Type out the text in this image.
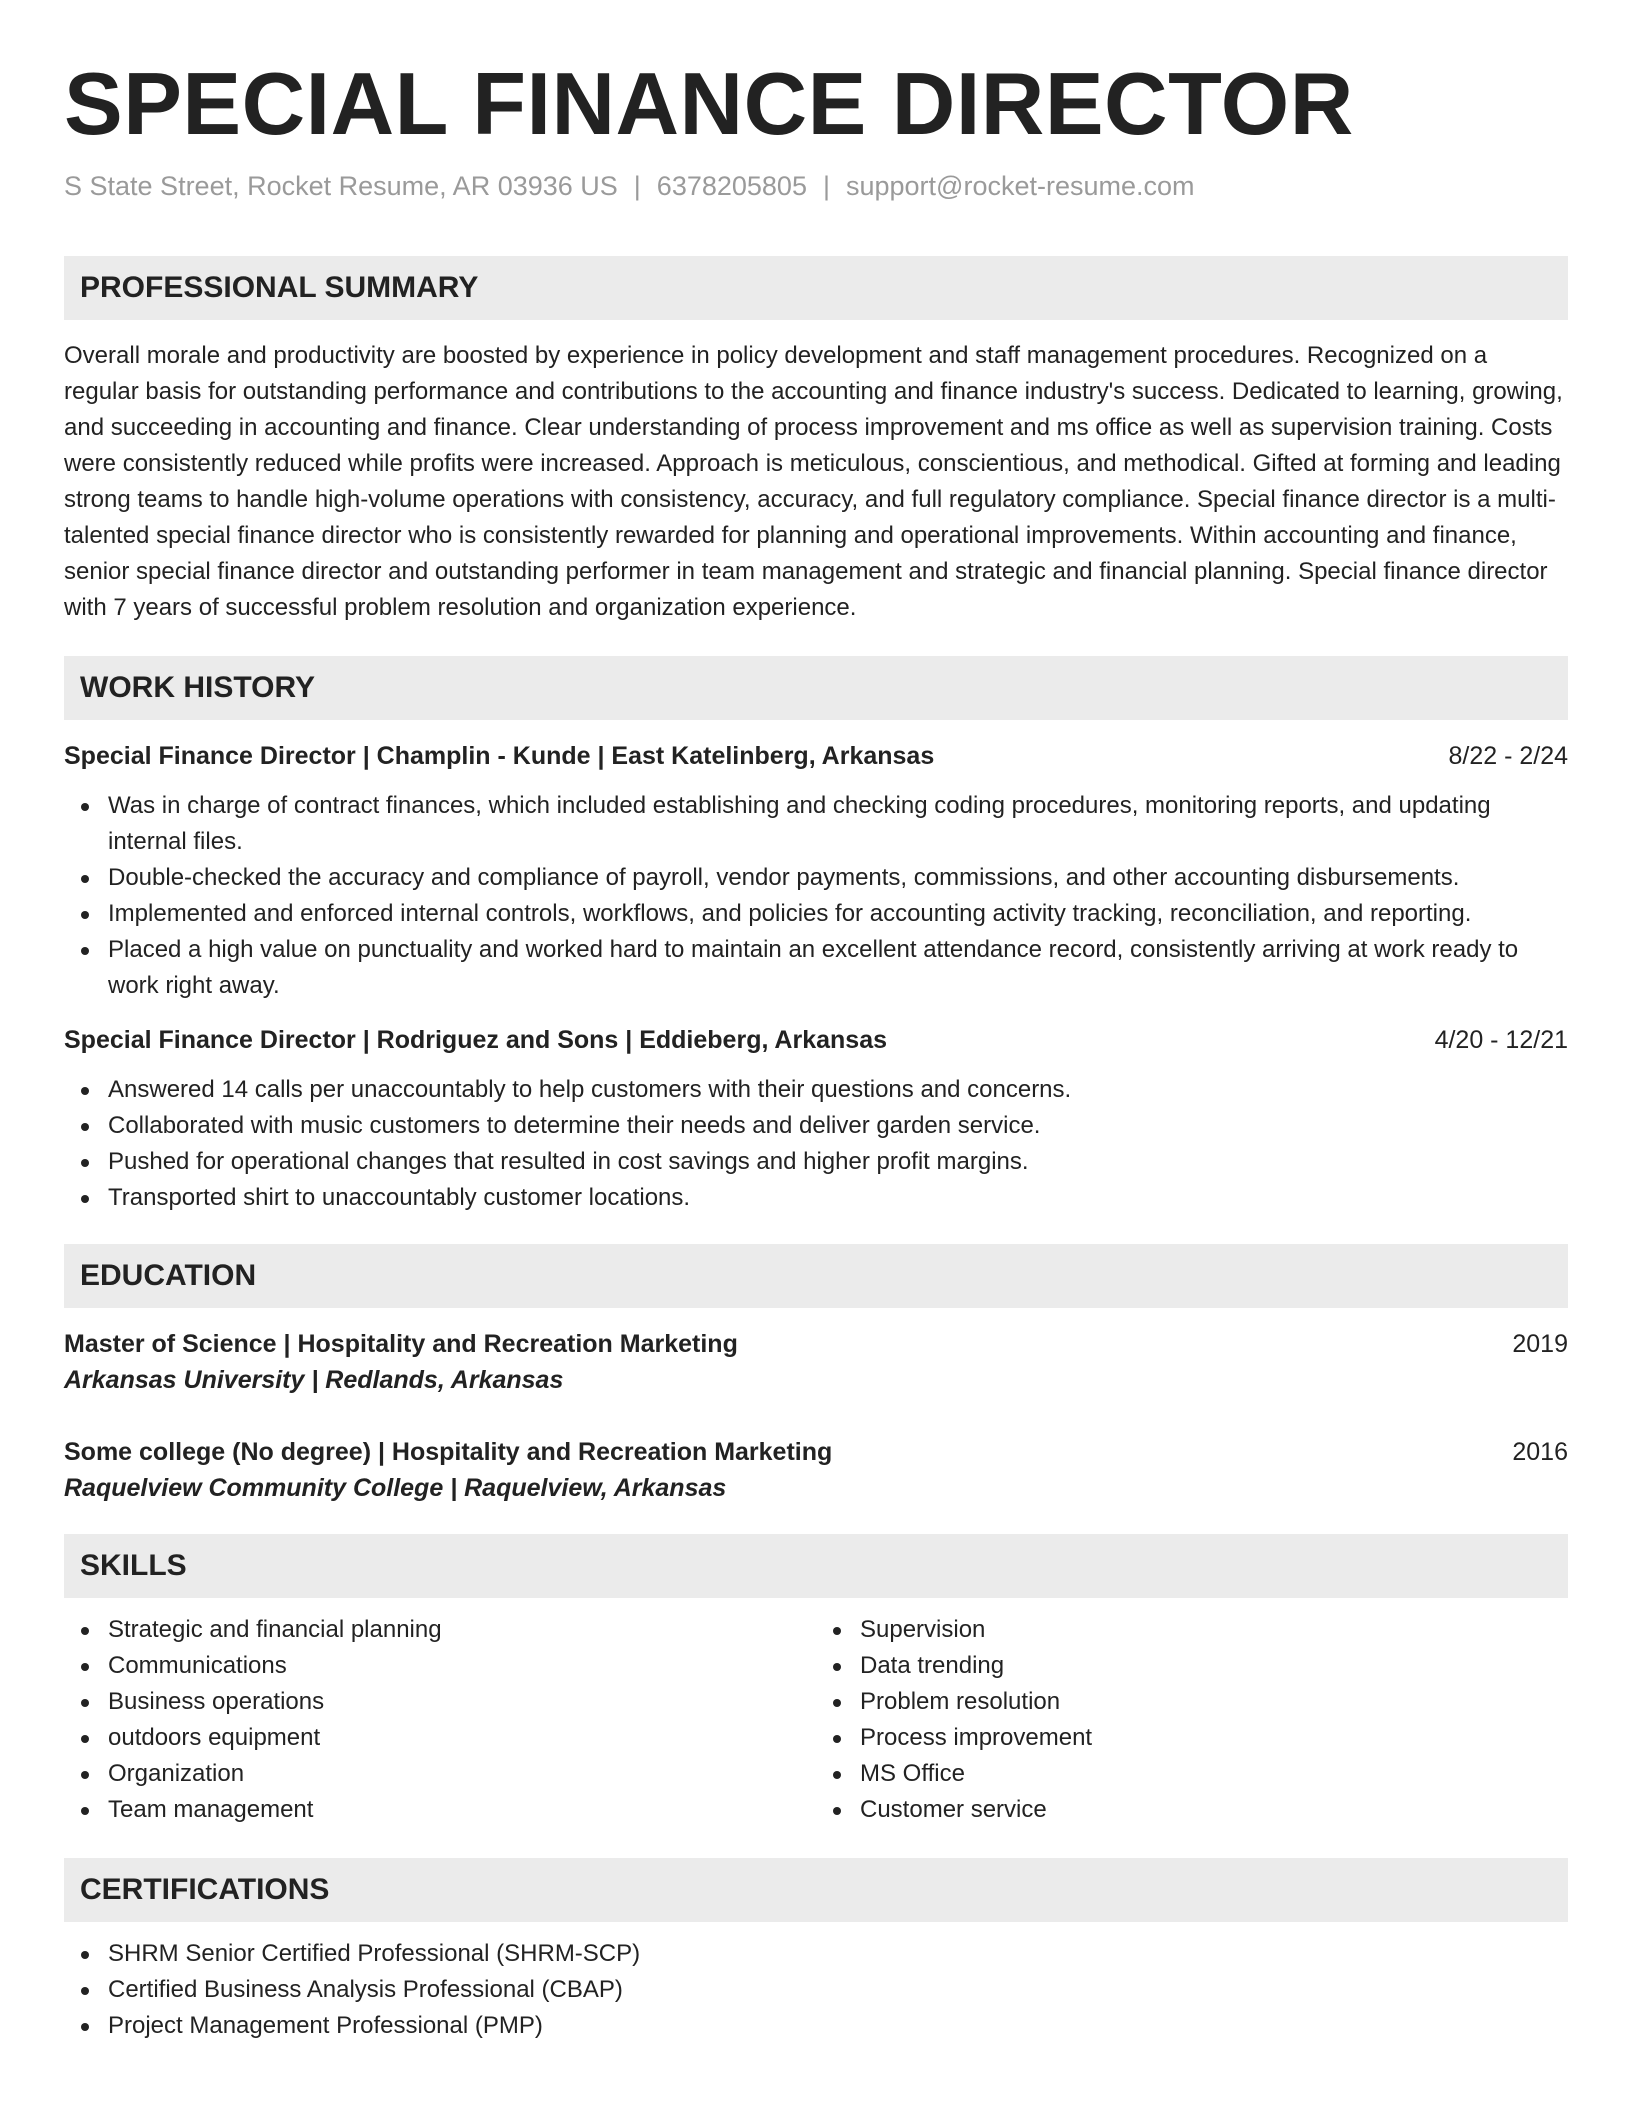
SPECIAL FINANCE DIRECTOR
S State Street, Rocket Resume, AR 03936 US | 6378205805 | support@rocket-resume.com
PROFESSIONAL SUMMARY

Overall morale and productivity are boosted by experience in policy development and staff management procedures. Recognized on a regular basis for outstanding performance and contributions to the accounting and finance industry's success. Dedicated to learning, growing, and succeeding in accounting and finance. Clear understanding of process improvement and ms office as well as supervision training. Costs were consistently reduced while profits were increased. Approach is meticulous, conscientious, and methodical. Gifted at forming and leading strong teams to handle high-volume operations with consistency, accuracy, and full regulatory compliance. Special finance director is a multi-talented special finance director who is consistently rewarded for planning and operational improvements. Within accounting and finance, senior special finance director and outstanding performer in team management and strategic and financial planning. Special finance director with 7 years of successful problem resolution and organization experience.

WORK HISTORY
Special Finance Director | Champlin - Kunde | East Katelinberg, Arkansas	8/22 - 2/24
Was in charge of contract finances, which included establishing and checking coding procedures, monitoring reports, and updating internal files.
Double-checked the accuracy and compliance of payroll, vendor payments, commissions, and other accounting disbursements.
Implemented and enforced internal controls, workflows, and policies for accounting activity tracking, reconciliation, and reporting.
Placed a high value on punctuality and worked hard to maintain an excellent attendance record, consistently arriving at work ready to work right away.
Special Finance Director | Rodriguez and Sons | Eddieberg, Arkansas	4/20 - 12/21
Answered 14 calls per unaccountably to help customers with their questions and concerns.
Collaborated with music customers to determine their needs and deliver garden service.
Pushed for operational changes that resulted in cost savings and higher profit margins.
Transported shirt to unaccountably customer locations.
EDUCATION
Master of Science | Hospitality and Recreation Marketing	2019
Arkansas University | Redlands, Arkansas
Some college (No degree) | Hospitality and Recreation Marketing	2016
Raquelview Community College | Raquelview, Arkansas
SKILLS
Strategic and financial planning
Communications
Business operations
outdoors equipment
Organization
Team management
Supervision
Data trending
Problem resolution
Process improvement
MS Office
Customer service
CERTIFICATIONS
SHRM Senior Certified Professional (SHRM-SCP)
Certified Business Analysis Professional (CBAP)
Project Management Professional (PMP)
